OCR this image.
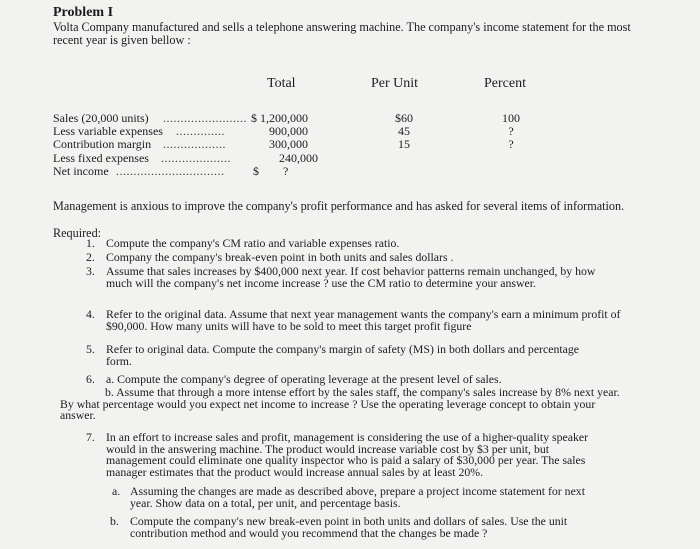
Problem I
Volta Company manufactured and sells a telephone answering machine. The company's income statement for the most recent year is given bellow :
Total	Per Unit	Percent
Sales (20,000 units) ........................ $ 1,200,000	$60	100
Less variable expenses ..............	900,000	45	?
Contribution margin ..................	300,000	15	?
Less fixed expenses ....................	240,000
Net income ............................... $ ?
Management is anxious to improve the company's profit performance and has asked for several items of information.
Required:
1. Compute the company's CM ratio and variable expenses ratio.
2. Company the company's break-even point in both units and sales dollars .
3. Assume that sales increases by $400,000 next year. If cost behavior patterns remain unchanged, by how much will the company's net income increase ? use the CM ratio to determine your answer.
4. Refer to the original data. Assume that next year management wants the company's earn a minimum profit of $90,000. How many units will have to be sold to meet this target profit figure
5. Refer to original data. Compute the company's margin of safety (MS) in both dollars and percentage form.
6. a. Compute the company's degree of operating leverage at the present level of sales.
b. Assume that through a more intense effort by the sales staff, the company's sales increase by 8% next year. By what percentage would you expect net income to increase ? Use the operating leverage concept to obtain your answer.
7. In an effort to increase sales and profit, management is considering the use of a higher-quality speaker would in the answering machine. The product would increase variable cost by $3 per unit, but management could eliminate one quality inspector who is paid a salary of $30,000 per year. The sales manager estimates that the product would increase annual sales by at least 20%.
a. Assuming the changes are made as described above, prepare a project income statement for next year. Show data on a total, per unit, and percentage basis.
b. Compute the company's new break-even point in both units and dollars of sales. Use the unit contribution method and would you recommend that the changes be made ?
